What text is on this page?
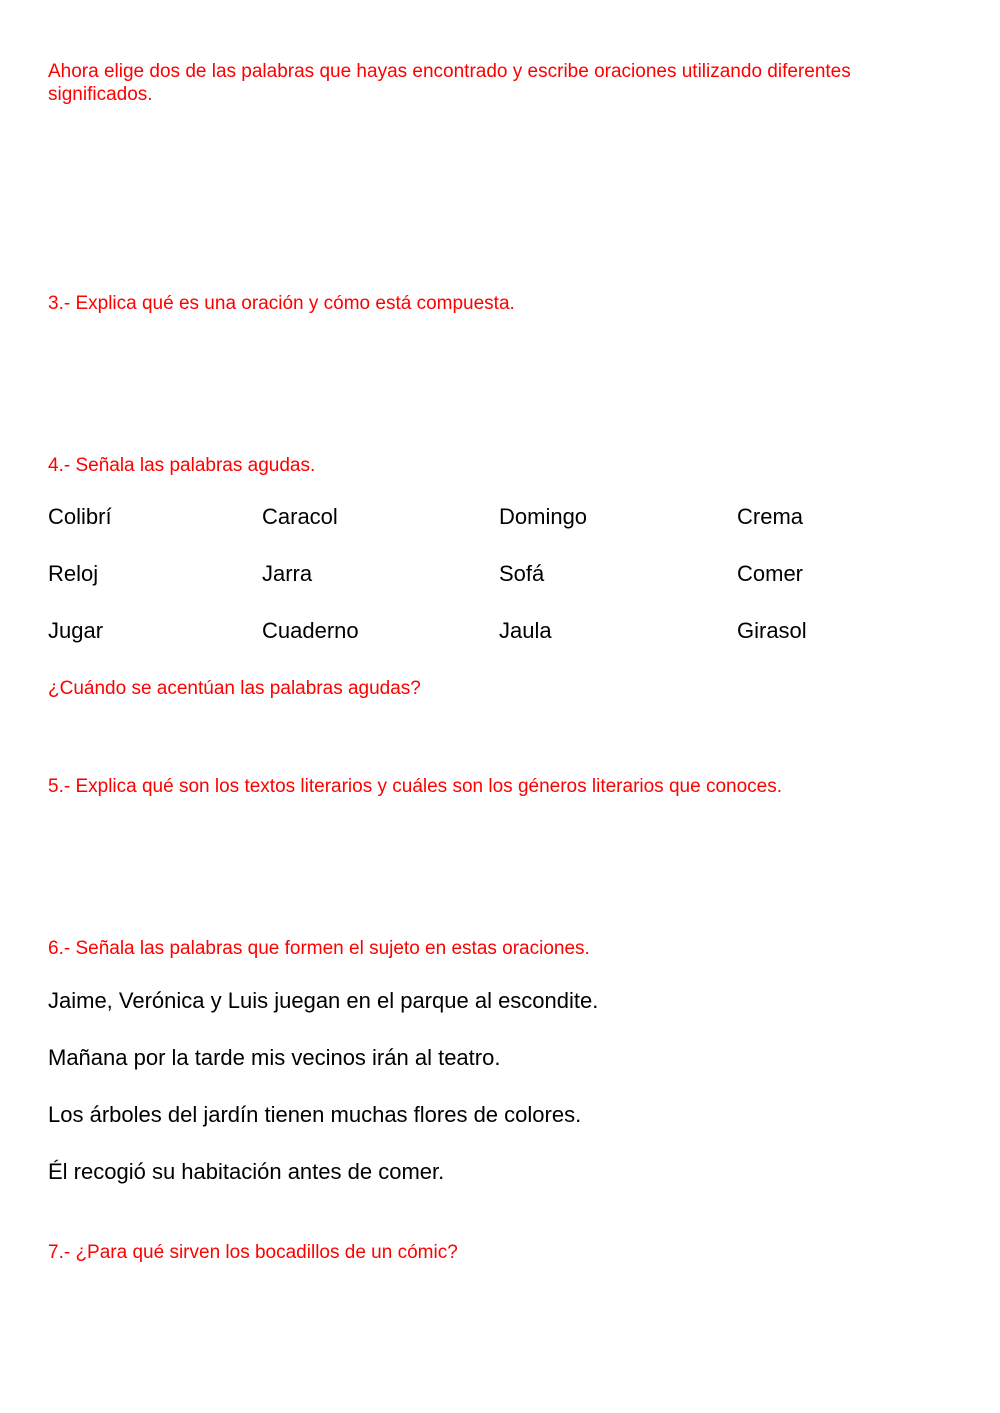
Ahora elige dos de las palabras que hayas encontrado y escribe oraciones utilizando diferentes significados.

3.- Explica qué es una oración y cómo está compuesta.

4.- Señala las palabras agudas.

Colibrí	Caracol	Domingo	Crema
Reloj	Jarra	Sofá	Comer
Jugar	Cuaderno	Jaula	Girasol

¿Cuándo se acentúan las palabras agudas?

5.- Explica qué son los textos literarios y cuáles son los géneros literarios que conoces.

6.- Señala las palabras que formen el sujeto en estas oraciones.

Jaime, Verónica y Luis juegan en el parque al escondite.

Mañana por la tarde mis vecinos irán al teatro.

Los árboles del jardín tienen muchas flores de colores.

Él recogió su habitación antes de comer.

7.- ¿Para qué sirven los bocadillos de un cómic?
